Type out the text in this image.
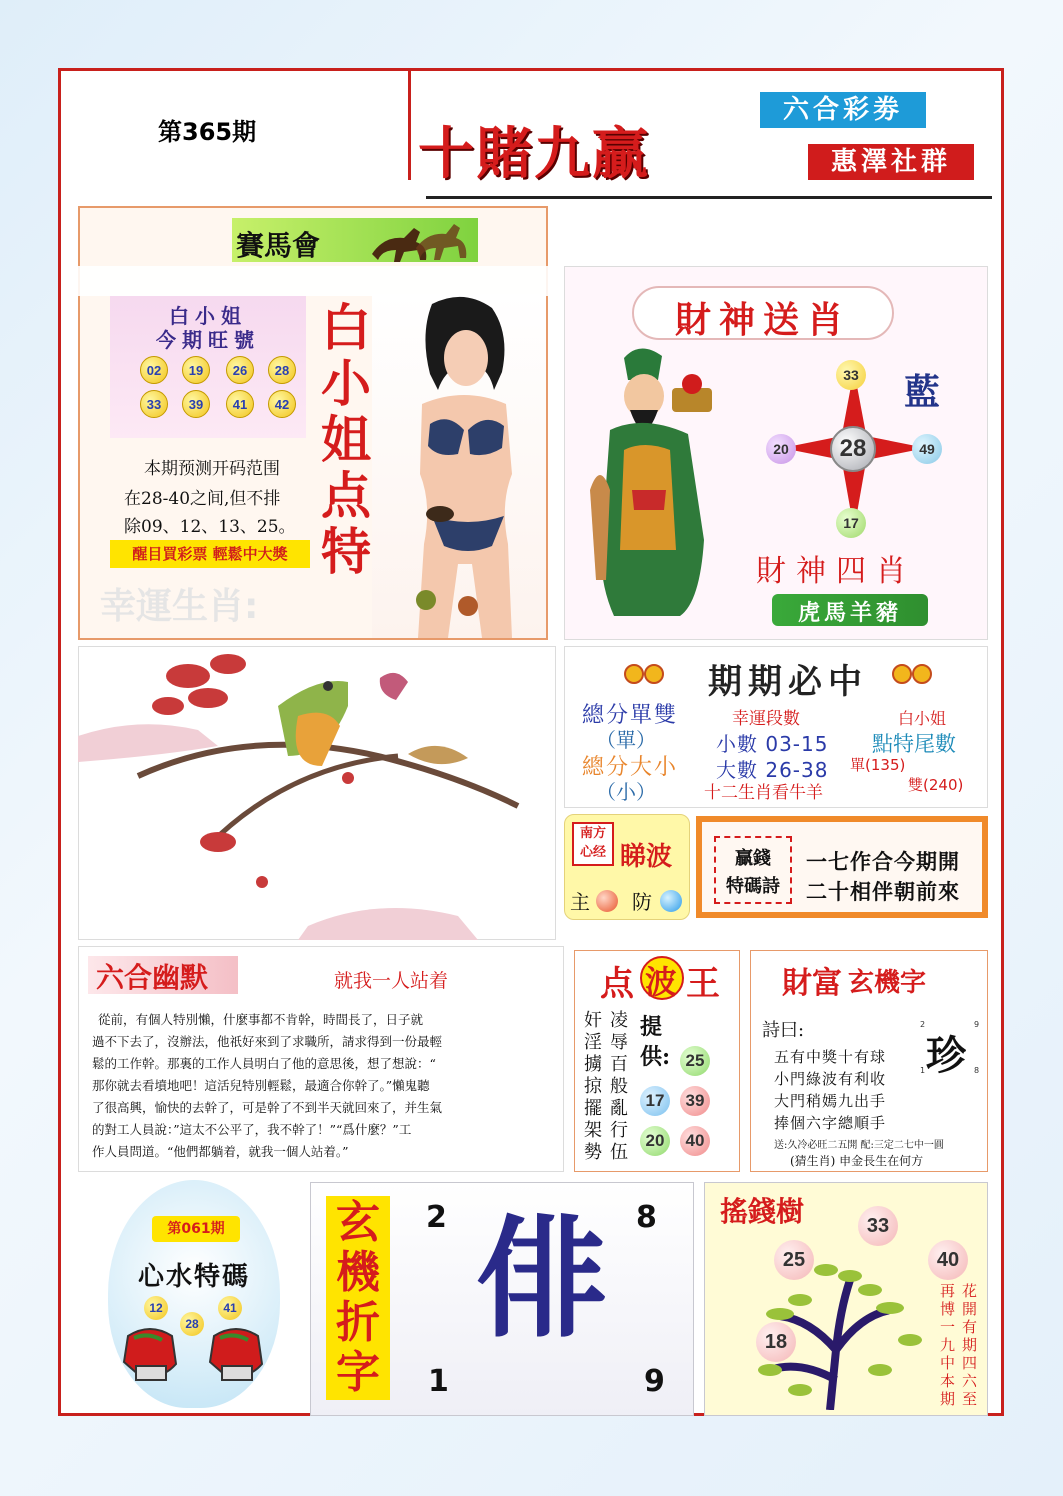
第365期	十賭九贏
六合彩劵
惠澤社群
賽馬會
白小姐
今期旺號
02	19	26	28
33	39	41	42
本期预测开码范围
在28-40之间,但不排
除09、12、13、25。
醒目買彩票 輕鬆中大獎
幸運生肖:
白小姐点特
財神送肖
28
33
20	49
17
藍
財神四肖
虎馬羊豬
期期必中
總分單雙
（單）
總分大小
（小）
幸運段數
小數 03-15
大數 26-38
十二生肖看牛羊
白小姐
點特尾數
單(135)
雙(240)
南方心经 睇波
主 防
贏錢
特碼詩
一七作合今期開
二十相伴朝前來
六合幽默	就我一人站着
從前，有個人特別懶，什麼事都不肯幹，時間長了，日子就
過不下去了，沒辦法，他祇好來到了求職所，請求得到一份最輕
鬆的工作幹。那裏的工作人員明白了他的意思後，想了想說：“
那你就去看墳地吧！這活兒特別輕鬆，最適合你幹了。”懶鬼聽
了很高興，愉快的去幹了，可是幹了不到半天就回來了，并生氣
的對工人員說：”這太不公平了，我不幹了！”“爲什麼？”工
作人員問道。“他們都躺着，就我一個人站着。”
点 波 王
奸淫擄掠擺架勢
凌辱百般亂行伍
提供: 25
17	39
20	40
財富 玄機字
詩曰:
珍
2	9
1	8
五有中獎十有球
小門綠波有利收
大門稍嫣九出手
捧個六字總順手
送:久冷必旺二五開 配:三定二七中一圓
(猜生肖) 申金長生在何方
第061期
心水特碼
12
28
41
玄機折字
2	8
1	9
俳	搖錢樹	33
25	40
18
花開有期四六至
再博一九中本期
